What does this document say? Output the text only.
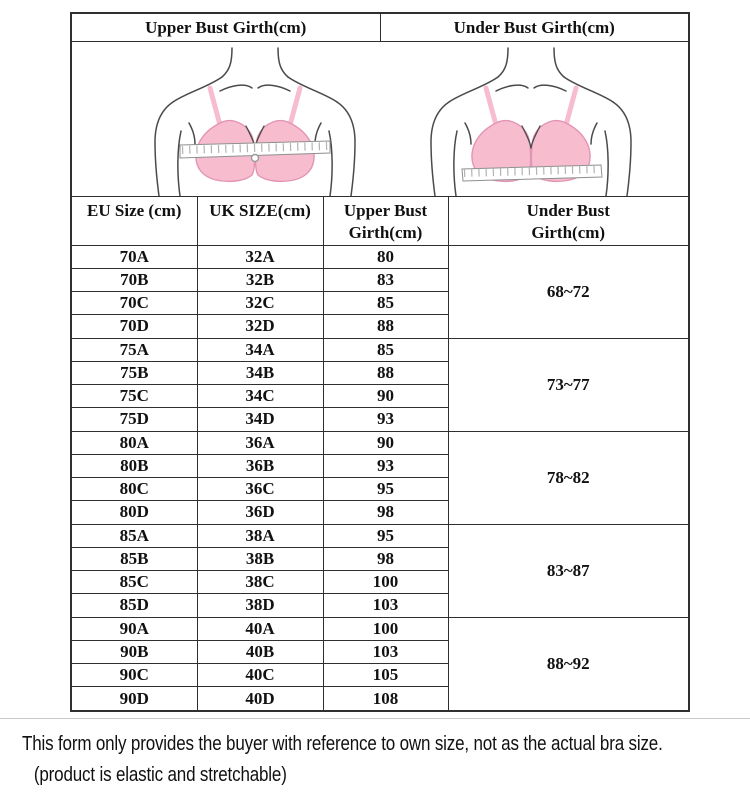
Upper Bust Girth(cm)	Under Bust Girth(cm)
EU Size (cm)	UK SIZE(cm)	Upper Bust
Girth(cm)

Under Bust
Girth(cm)

70A	32A	80	68~72
70B	32B	83	
70C	32C	85	
70D	32D	88	
75A	34A	85	73~77
75B	34B	88	
75C	34C	90	
75D	34D	93	
80A	36A	90	78~82
80B	36B	93	
80C	36C	95	
80D	36D	98	
85A	38A	95	83~87
85B	38B	98	
85C	38C	100	
85D	38D	103	
90A	40A	100	88~92
90B	40B	103	
90C	40C	105	
90D	40D	108	
This form only provides the buyer with reference to own size, not as the actual bra size.
(product is elastic and stretchable)
